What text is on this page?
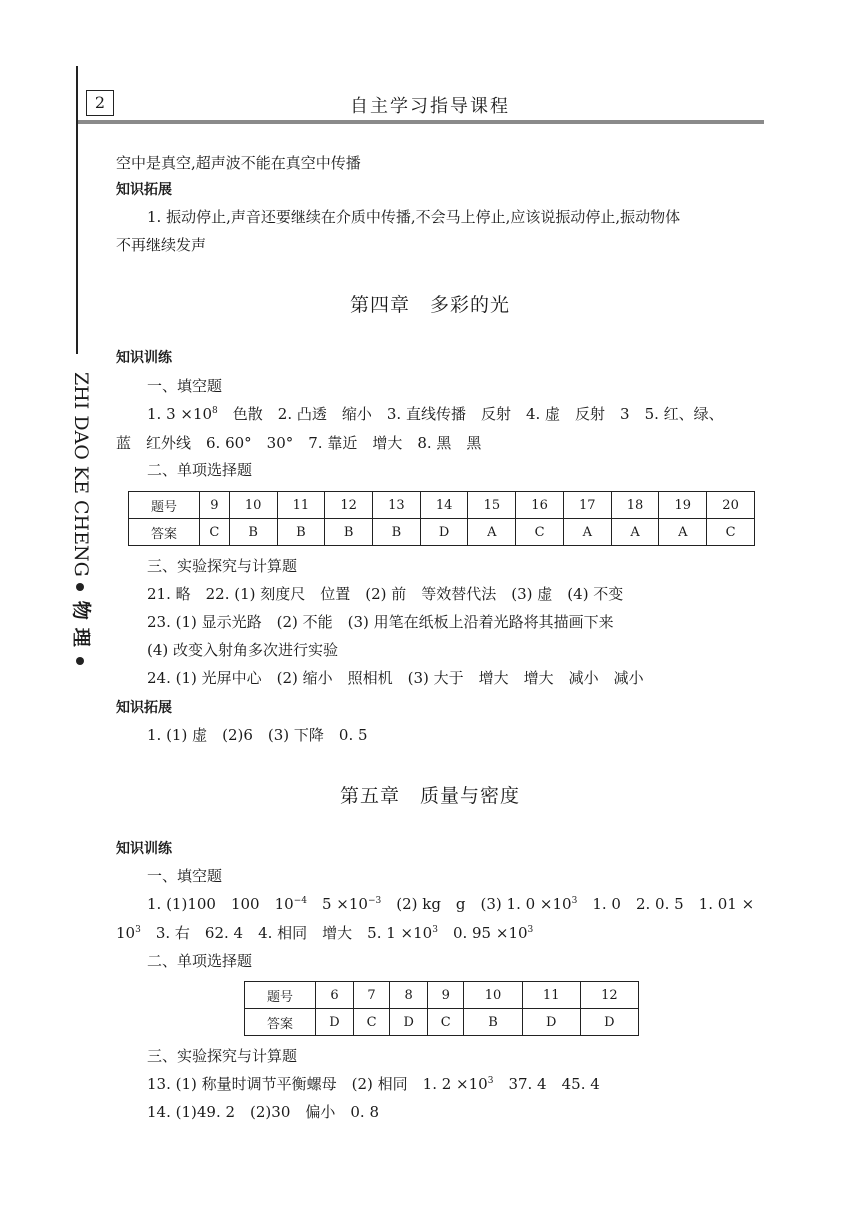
2	自主学习指导课程
ZHI DAO KE CHENG物理
空中是真空,超声波不能在真空中传播
知识拓展
1. 振动停止,声音还要继续在介质中传播,不会马上停止,应该说振动停止,振动物体
不再继续发声
第四章　多彩的光
知识训练
一、填空题
1. $3 \times 10^8$　色散　2. 凸透　缩小　3. 直线传播　反射　4. 虚　反射　3　5. 红、绿、
蓝　红外线　6. 60°　30°　7. 靠近　增大　8. 黑　黑
二、单项选择题
题号	9	10	11	12	13	14	15	16	17	18	19	20
答案	C	B	B	B	B	D	A	C	A	A	A	C
三、实验探究与计算题
21. 略　22. (1) 刻度尺　位置　(2) 前　等效替代法　(3) 虚　(4) 不变
23. (1) 显示光路　(2) 不能　(3) 用笔在纸板上沿着光路将其描画下来
(4) 改变入射角多次进行实验
24. (1) 光屏中心　(2) 缩小　照相机　(3) 大于　增大　增大　减小　减小
知识拓展
1. (1) 虚　(2)6　(3) 下降　0. 5
第五章　质量与密度
知识训练
一、填空题
1. (1)100　100　$10^{-4}$　$5 \times 10^{-3}$　(2) kg　g　(3) 1. $0 \times 10^3$　1. 0　2. 0. 5　1. 01 ×
$10^3$　3. 右　62. 4　4. 相同　增大　5. $1 \times 10^3$　0. $95 \times 10^3$
二、单项选择题
题号	6	7	8	9	10	11	12
答案	D	C	D	C	B	D	D
三、实验探究与计算题
13. (1) 称量时调节平衡螺母　(2) 相同　1. $2 \times 10^3$　37. 4　45. 4
14. (1)49. 2　(2)30　偏小　0. 8
